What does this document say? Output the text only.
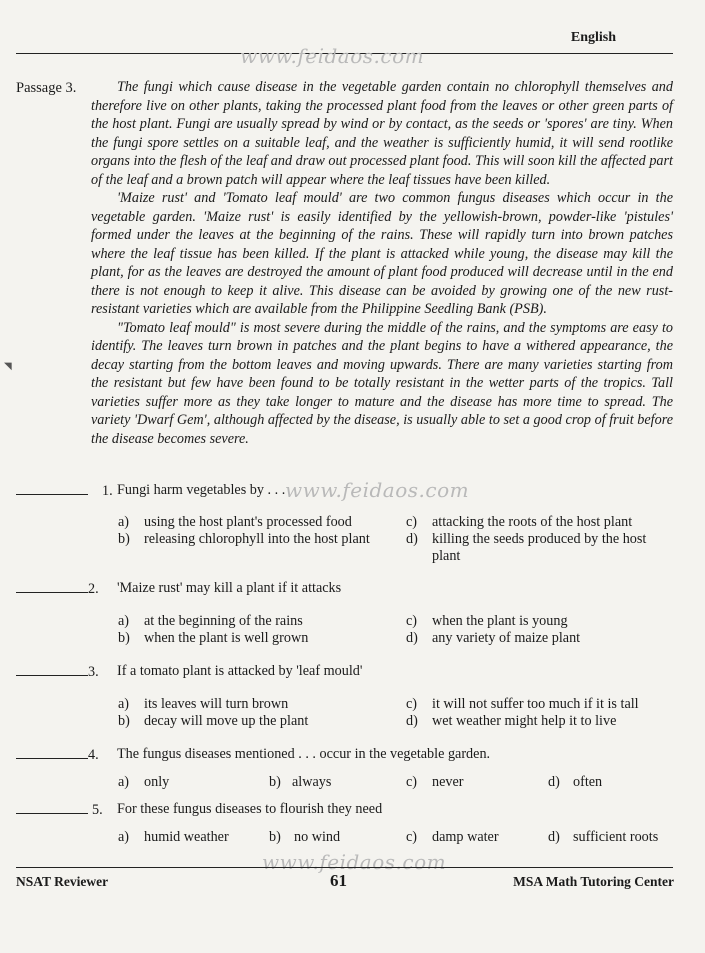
English
www.feidaos.com
Passage 3.	The fungi which cause disease in the vegetable garden contain no chlorophyll themselves and therefore live on other plants, taking the processed plant food from the leaves or other green parts of the host plant. Fungi are usually spread by wind or by contact, as the seeds or 'spores' are tiny. When the fungi spore settles on a suitable leaf, and the weather is sufficiently humid, it will send rootlike organs into the flesh of the leaf and draw out processed plant food. This will soon kill the affected part of the leaf and a brown patch will appear where the leaf tissues have been killed.

'Maize rust' and 'Tomato leaf mould' are two common fungus diseases which occur in the vegetable garden. 'Maize rust' is easily identified by the yellowish-brown, powder-like 'pistules' formed under the leaves at the beginning of the rains. These will rapidly turn into brown patches where the leaf tissue has been killed. If the plant is attacked while young, the disease may kill the plant, for as the leaves are destroyed the amount of plant food produced will decrease until in the end there is not enough to keep it alive. This disease can be avoided by growing one of the new rust-resistant varieties which are available from the Philippine Seedling Bank (PSB).

"Tomato leaf mould" is most severe during the middle of the rains, and the symptoms are easy to identify. The leaves turn brown in patches and the plant begins to have a withered appearance, the decay starting from the bottom leaves and moving upwards. There are many varieties starting from the resistant but few have been found to be totally resistant in the wetter parts of the tropics. Tall varieties suffer more as they take longer to mature and the disease has more time to spread. The variety 'Dwarf Gem', although affected by the disease, is usually able to set a good crop of fruit before the disease becomes severe.

◥
1. Fungi harm vegetables by . . . www.feidaos.com
a)	using the host plant's processed food
b) releasing chlorophyll into the host plant
c)	attacking the roots of the host plant
d) killing the seeds produced by the host plant
2.	'Maize rust' may kill a plant if it attacks
a)	at the beginning of the rains
b) when the plant is well grown
c)	when the plant is young
d) any variety of maize plant
3.	If a tomato plant is attacked by 'leaf mould'
a)	its leaves will turn brown
b) decay will move up the plant
c)	it will not suffer too much if it is tall
d) wet weather might help it to live
4.	The fungus diseases mentioned . . . occur in the vegetable garden.
a) only	b) always	c) never	d) often
5.	For these fungus diseases to flourish they need
a) humid weather	b) no wind	c) damp water	d) sufficient roots
www.feidaos.com
NSAT Reviewer	61	MSA Math Tutoring Center
